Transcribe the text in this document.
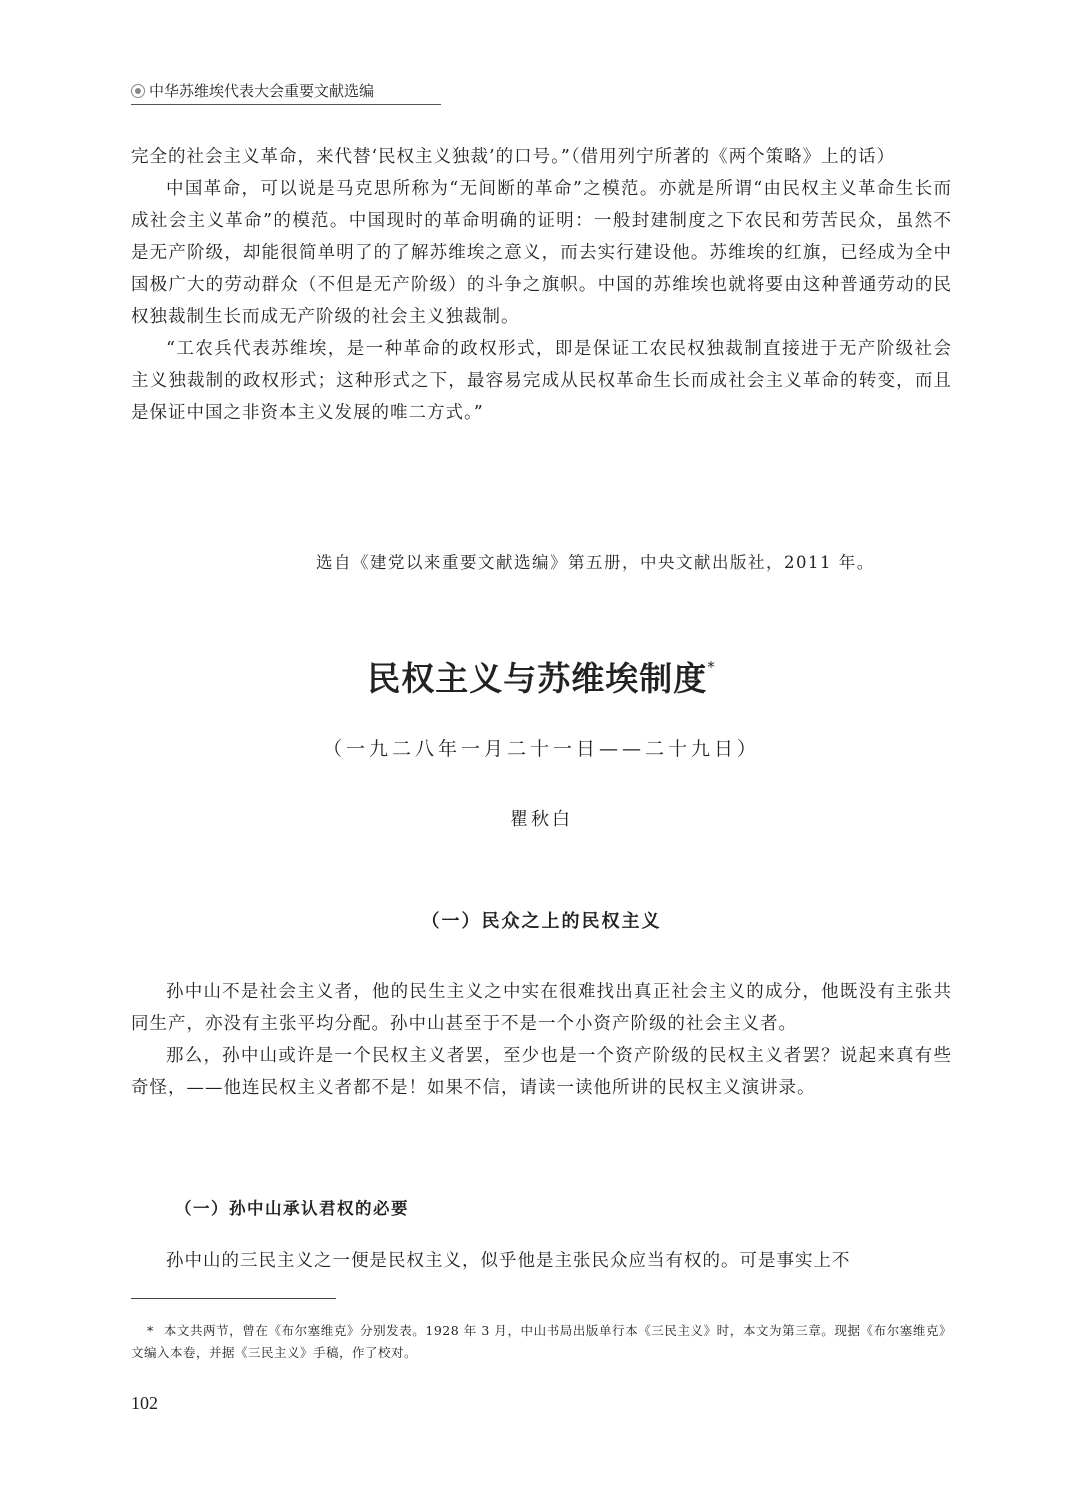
中华苏维埃代表大会重要文献选编

完全的社会主义革命，来代替‘民权主义独裁’的口号。”（借用列宁所著的《两个策略》上的话）

中国革命，可以说是马克思所称为“无间断的革命”之模范。亦就是所谓“由民权主义革命生长而成社会主义革命”的模范。中国现时的革命明确的证明：一般封建制度之下农民和劳苦民众，虽然不是无产阶级，却能很简单明了的了解苏维埃之意义，而去实行建设他。苏维埃的红旗，已经成为全中国极广大的劳动群众（不但是无产阶级）的斗争之旗帜。中国的苏维埃也就将要由这种普通劳动的民权独裁制生长而成无产阶级的社会主义独裁制。

“工农兵代表苏维埃，是一种革命的政权形式，即是保证工农民权独裁制直接进于无产阶级社会主义独裁制的政权形式；这种形式之下，最容易完成从民权革命生长而成社会主义革命的转变，而且是保证中国之非资本主义发展的唯二方式。”

选自《建党以来重要文献选编》第五册，中央文献出版社，2011 年。
民权主义与苏维埃制度*
（一九二八年一月二十一日——二十九日）
瞿秋白
（一）民众之上的民权主义

孙中山不是社会主义者，他的民生主义之中实在很难找出真正社会主义的成分，他既没有主张共同生产，亦没有主张平均分配。孙中山甚至于不是一个小资产阶级的社会主义者。

那么，孙中山或许是一个民权主义者罢，至少也是一个资产阶级的民权主义者罢？说起来真有些奇怪，——他连民权主义者都不是！如果不信，请读一读他所讲的民权主义演讲录。

（一）孙中山承认君权的必要

孙中山的三民主义之一便是民权主义，似乎他是主张民众应当有权的。可是事实上不

* 本文共两节，曾在《布尔塞维克》分别发表。1928 年 3 月，中山书局出版单行本《三民主义》时，本文为第三章。现据《布尔塞维克》文编入本卷，并据《三民主义》手稿，作了校对。
102
